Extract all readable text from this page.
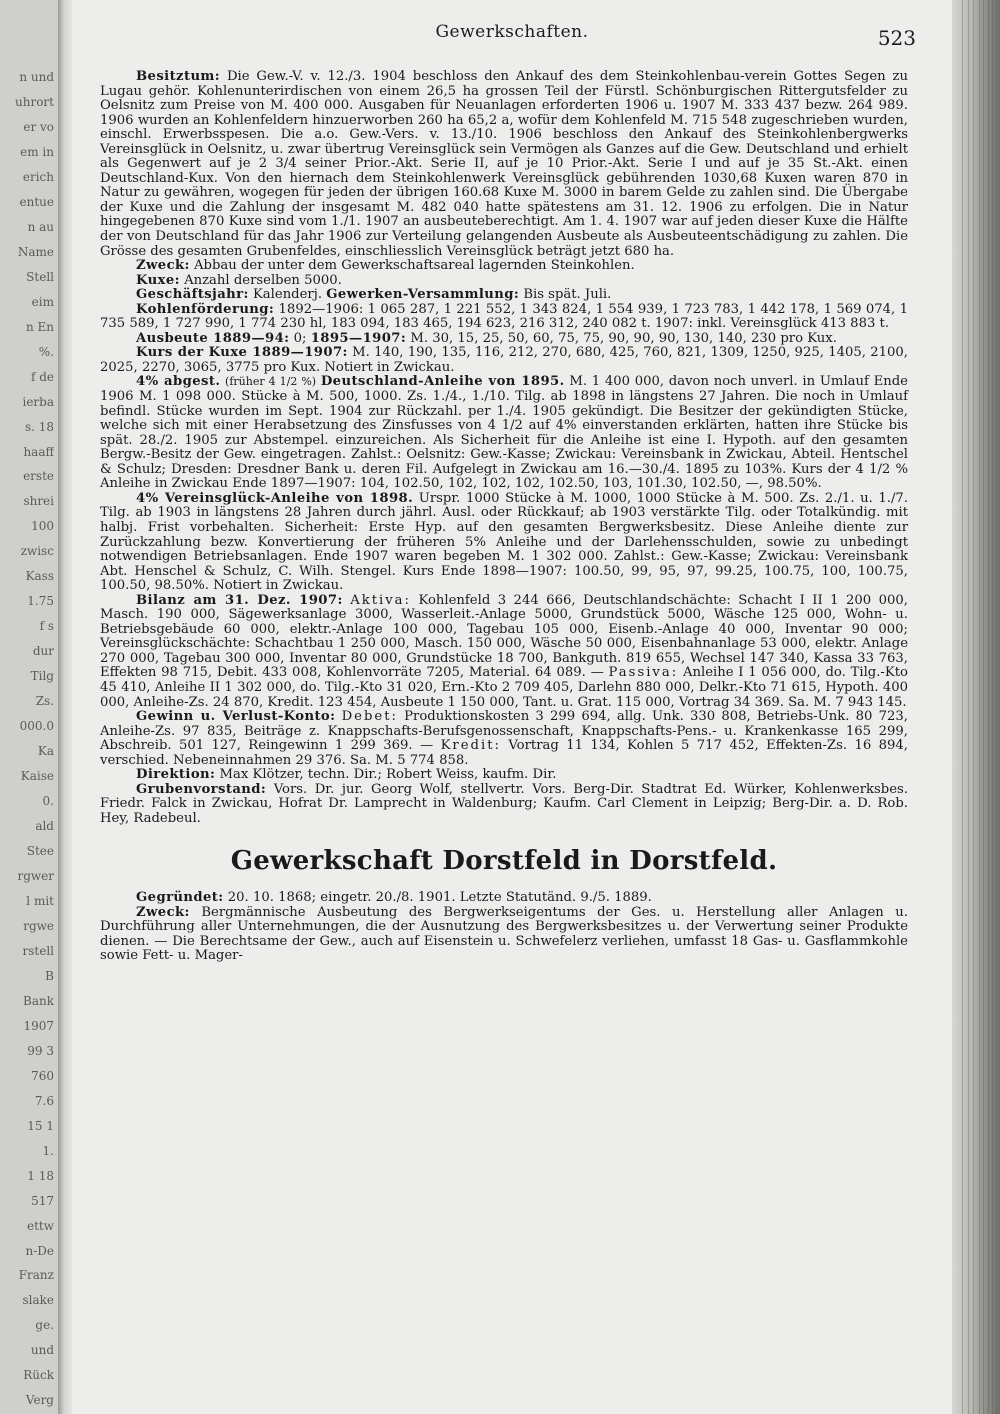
n und
uhrort
er vo
em in
erich
entue
n au
Name
Stell
eim
n En
%.
f de
ierba
s. 18
haaff
erste
shrei
100
zwisc
Kass
1.75
f s
dur
Tilg
Zs.
000.0
Ka
Kaise
0.
ald
Stee
rgwer
l mit
rgwe
rstell
B
Bank
1907
99 3
760
7.6
15 1
1.
1 18
517
ettw
n-De
Franz
slake
ge.
und
Rück
Verg
Gewerkschaften.	523

Besitztum: Die Gew.-V. v. 12./3. 1904 beschloss den Ankauf des dem Steinkohlenbau-verein Gottes Segen zu Lugau gehör. Kohlenunterirdischen von einem 26,5 ha grossen Teil der Fürstl. Schönburgischen Rittergutsfelder zu Oelsnitz zum Preise von M. 400 000. Ausgaben für Neuanlagen erforderten 1906 u. 1907 M. 333 437 bezw. 264 989. 1906 wurden an Kohlenfeldern hinzuerworben 260 ha 65,2 a, wofür dem Kohlenfeld M. 715 548 zugeschrieben wurden, einschl. Erwerbsspesen. Die a.o. Gew.-Vers. v. 13./10. 1906 beschloss den Ankauf des Steinkohlenbergwerks Vereinsglück in Oelsnitz, u. zwar übertrug Vereinsglück sein Vermögen als Ganzes auf die Gew. Deutschland und erhielt als Gegenwert auf je 2 3/4 seiner Prior.-Akt. Serie II, auf je 10 Prior.-Akt. Serie I und auf je 35 St.-Akt. einen Deutschland-Kux. Von den hiernach dem Steinkohlenwerk Vereinsglück gebührenden 1030,68 Kuxen waren 870 in Natur zu gewähren, wogegen für jeden der übrigen 160.68 Kuxe M. 3000 in barem Gelde zu zahlen sind. Die Übergabe der Kuxe und die Zahlung der insgesamt M. 482 040 hatte spätestens am 31. 12. 1906 zu erfolgen. Die in Natur hingegebenen 870 Kuxe sind vom 1./1. 1907 an ausbeuteberechtigt. Am 1. 4. 1907 war auf jeden dieser Kuxe die Hälfte der von Deutschland für das Jahr 1906 zur Verteilung gelangenden Ausbeute als Ausbeuteentschädigung zu zahlen. Die Grösse des gesamten Grubenfeldes, einschliesslich Vereinsglück beträgt jetzt 680 ha.

Zweck: Abbau der unter dem Gewerkschaftsareal lagernden Steinkohlen.

Kuxe: Anzahl derselben 5000.

Geschäftsjahr: Kalenderj. Gewerken-Versammlung: Bis spät. Juli.

Kohlenförderung: 1892—1906: 1 065 287, 1 221 552, 1 343 824, 1 554 939, 1 723 783, 1 442 178, 1 569 074, 1 735 589, 1 727 990, 1 774 230 hl, 183 094, 183 465, 194 623, 216 312, 240 082 t. 1907: inkl. Vereinsglück 413 883 t.

Ausbeute 1889—94: 0; 1895—1907: M. 30, 15, 25, 50, 60, 75, 75, 90, 90, 90, 130, 140, 230 pro Kux.

Kurs der Kuxe 1889—1907: M. 140, 190, 135, 116, 212, 270, 680, 425, 760, 821, 1309, 1250, 925, 1405, 2100, 2025, 2270, 3065, 3775 pro Kux. Notiert in Zwickau.

4% abgest. (früher 4 1/2 %) Deutschland-Anleihe von 1895. M. 1 400 000, davon noch unverl. in Umlauf Ende 1906 M. 1 098 000. Stücke à M. 500, 1000. Zs. 1./4., 1./10. Tilg. ab 1898 in längstens 27 Jahren. Die noch in Umlauf befindl. Stücke wurden im Sept. 1904 zur Rückzahl. per 1./4. 1905 gekündigt. Die Besitzer der gekündigten Stücke, welche sich mit einer Herabsetzung des Zinsfusses von 4 1/2 auf 4% einverstanden erklärten, hatten ihre Stücke bis spät. 28./2. 1905 zur Abstempel. einzureichen. Als Sicherheit für die Anleihe ist eine I. Hypoth. auf den gesamten Bergw.-Besitz der Gew. eingetragen. Zahlst.: Oelsnitz: Gew.-Kasse; Zwickau: Vereinsbank in Zwickau, Abteil. Hentschel & Schulz; Dresden: Dresdner Bank u. deren Fil. Aufgelegt in Zwickau am 16.—30./4. 1895 zu 103%. Kurs der 4 1/2 % Anleihe in Zwickau Ende 1897—1907: 104, 102.50, 102, 102, 102, 102.50, 103, 101.30, 102.50, —, 98.50%.

4% Vereinsglück-Anleihe von 1898. Urspr. 1000 Stücke à M. 1000, 1000 Stücke à M. 500. Zs. 2./1. u. 1./7. Tilg. ab 1903 in längstens 28 Jahren durch jährl. Ausl. oder Rückkauf; ab 1903 verstärkte Tilg. oder Totalkündig. mit halbj. Frist vorbehalten. Sicherheit: Erste Hyp. auf den gesamten Bergwerksbesitz. Diese Anleihe diente zur Zurückzahlung bezw. Konvertierung der früheren 5% Anleihe und der Darlehensschulden, sowie zu unbedingt notwendigen Betriebsanlagen. Ende 1907 waren begeben M. 1 302 000. Zahlst.: Gew.-Kasse; Zwickau: Vereinsbank Abt. Henschel & Schulz, C. Wilh. Stengel. Kurs Ende 1898—1907: 100.50, 99, 95, 97, 99.25, 100.75, 100, 100.75, 100.50, 98.50%. Notiert in Zwickau.

Bilanz am 31. Dez. 1907: Aktiva: Kohlenfeld 3 244 666, Deutschlandschächte: Schacht I II 1 200 000, Masch. 190 000, Sägewerksanlage 3000, Wasserleit.-Anlage 5000, Grundstück 5000, Wäsche 125 000, Wohn- u. Betriebsgebäude 60 000, elektr.-Anlage 100 000, Tagebau 105 000, Eisenb.-Anlage 40 000, Inventar 90 000; Vereinsglückschächte: Schachtbau 1 250 000, Masch. 150 000, Wäsche 50 000, Eisenbahnanlage 53 000, elektr. Anlage 270 000, Tagebau 300 000, Inventar 80 000, Grundstücke 18 700, Bankguth. 819 655, Wechsel 147 340, Kassa 33 763, Effekten 98 715, Debit. 433 008, Kohlenvorräte 7205, Material. 64 089. — Passiva: Anleihe I 1 056 000, do. Tilg.-Kto 45 410, Anleihe II 1 302 000, do. Tilg.-Kto 31 020, Ern.-Kto 2 709 405, Darlehn 880 000, Delkr.-Kto 71 615, Hypoth. 400 000, Anleihe-Zs. 24 870, Kredit. 123 454, Ausbeute 1 150 000, Tant. u. Grat. 115 000, Vortrag 34 369. Sa. M. 7 943 145.

Gewinn u. Verlust-Konto: Debet: Produktionskosten 3 299 694, allg. Unk. 330 808, Betriebs-Unk. 80 723, Anleihe-Zs. 97 835, Beiträge z. Knappschafts-Berufsgenossenschaft, Knappschafts-Pens.- u. Krankenkasse 165 299, Abschreib. 501 127, Reingewinn 1 299 369. — Kredit: Vortrag 11 134, Kohlen 5 717 452, Effekten-Zs. 16 894, verschied. Nebeneinnahmen 29 376. Sa. M. 5 774 858.

Direktion: Max Klötzer, techn. Dir.; Robert Weiss, kaufm. Dir.

Grubenvorstand: Vors. Dr. jur. Georg Wolf, stellvertr. Vors. Berg-Dir. Stadtrat Ed. Würker, Kohlenwerksbes. Friedr. Falck in Zwickau, Hofrat Dr. Lamprecht in Waldenburg; Kaufm. Carl Clement in Leipzig; Berg-Dir. a. D. Rob. Hey, Radebeul.

Gewerkschaft Dorstfeld in Dorstfeld.

Gegründet: 20. 10. 1868; eingetr. 20./8. 1901. Letzte Statutänd. 9./5. 1889.

Zweck: Bergmännische Ausbeutung des Bergwerkseigentums der Ges. u. Herstellung aller Anlagen u. Durchführung aller Unternehmungen, die der Ausnutzung des Bergwerksbesitzes u. der Verwertung seiner Produkte dienen. — Die Berechtsame der Gew., auch auf Eisenstein u. Schwefelerz verliehen, umfasst 18 Gas- u. Gasflammkohle sowie Fett- u. Mager-
